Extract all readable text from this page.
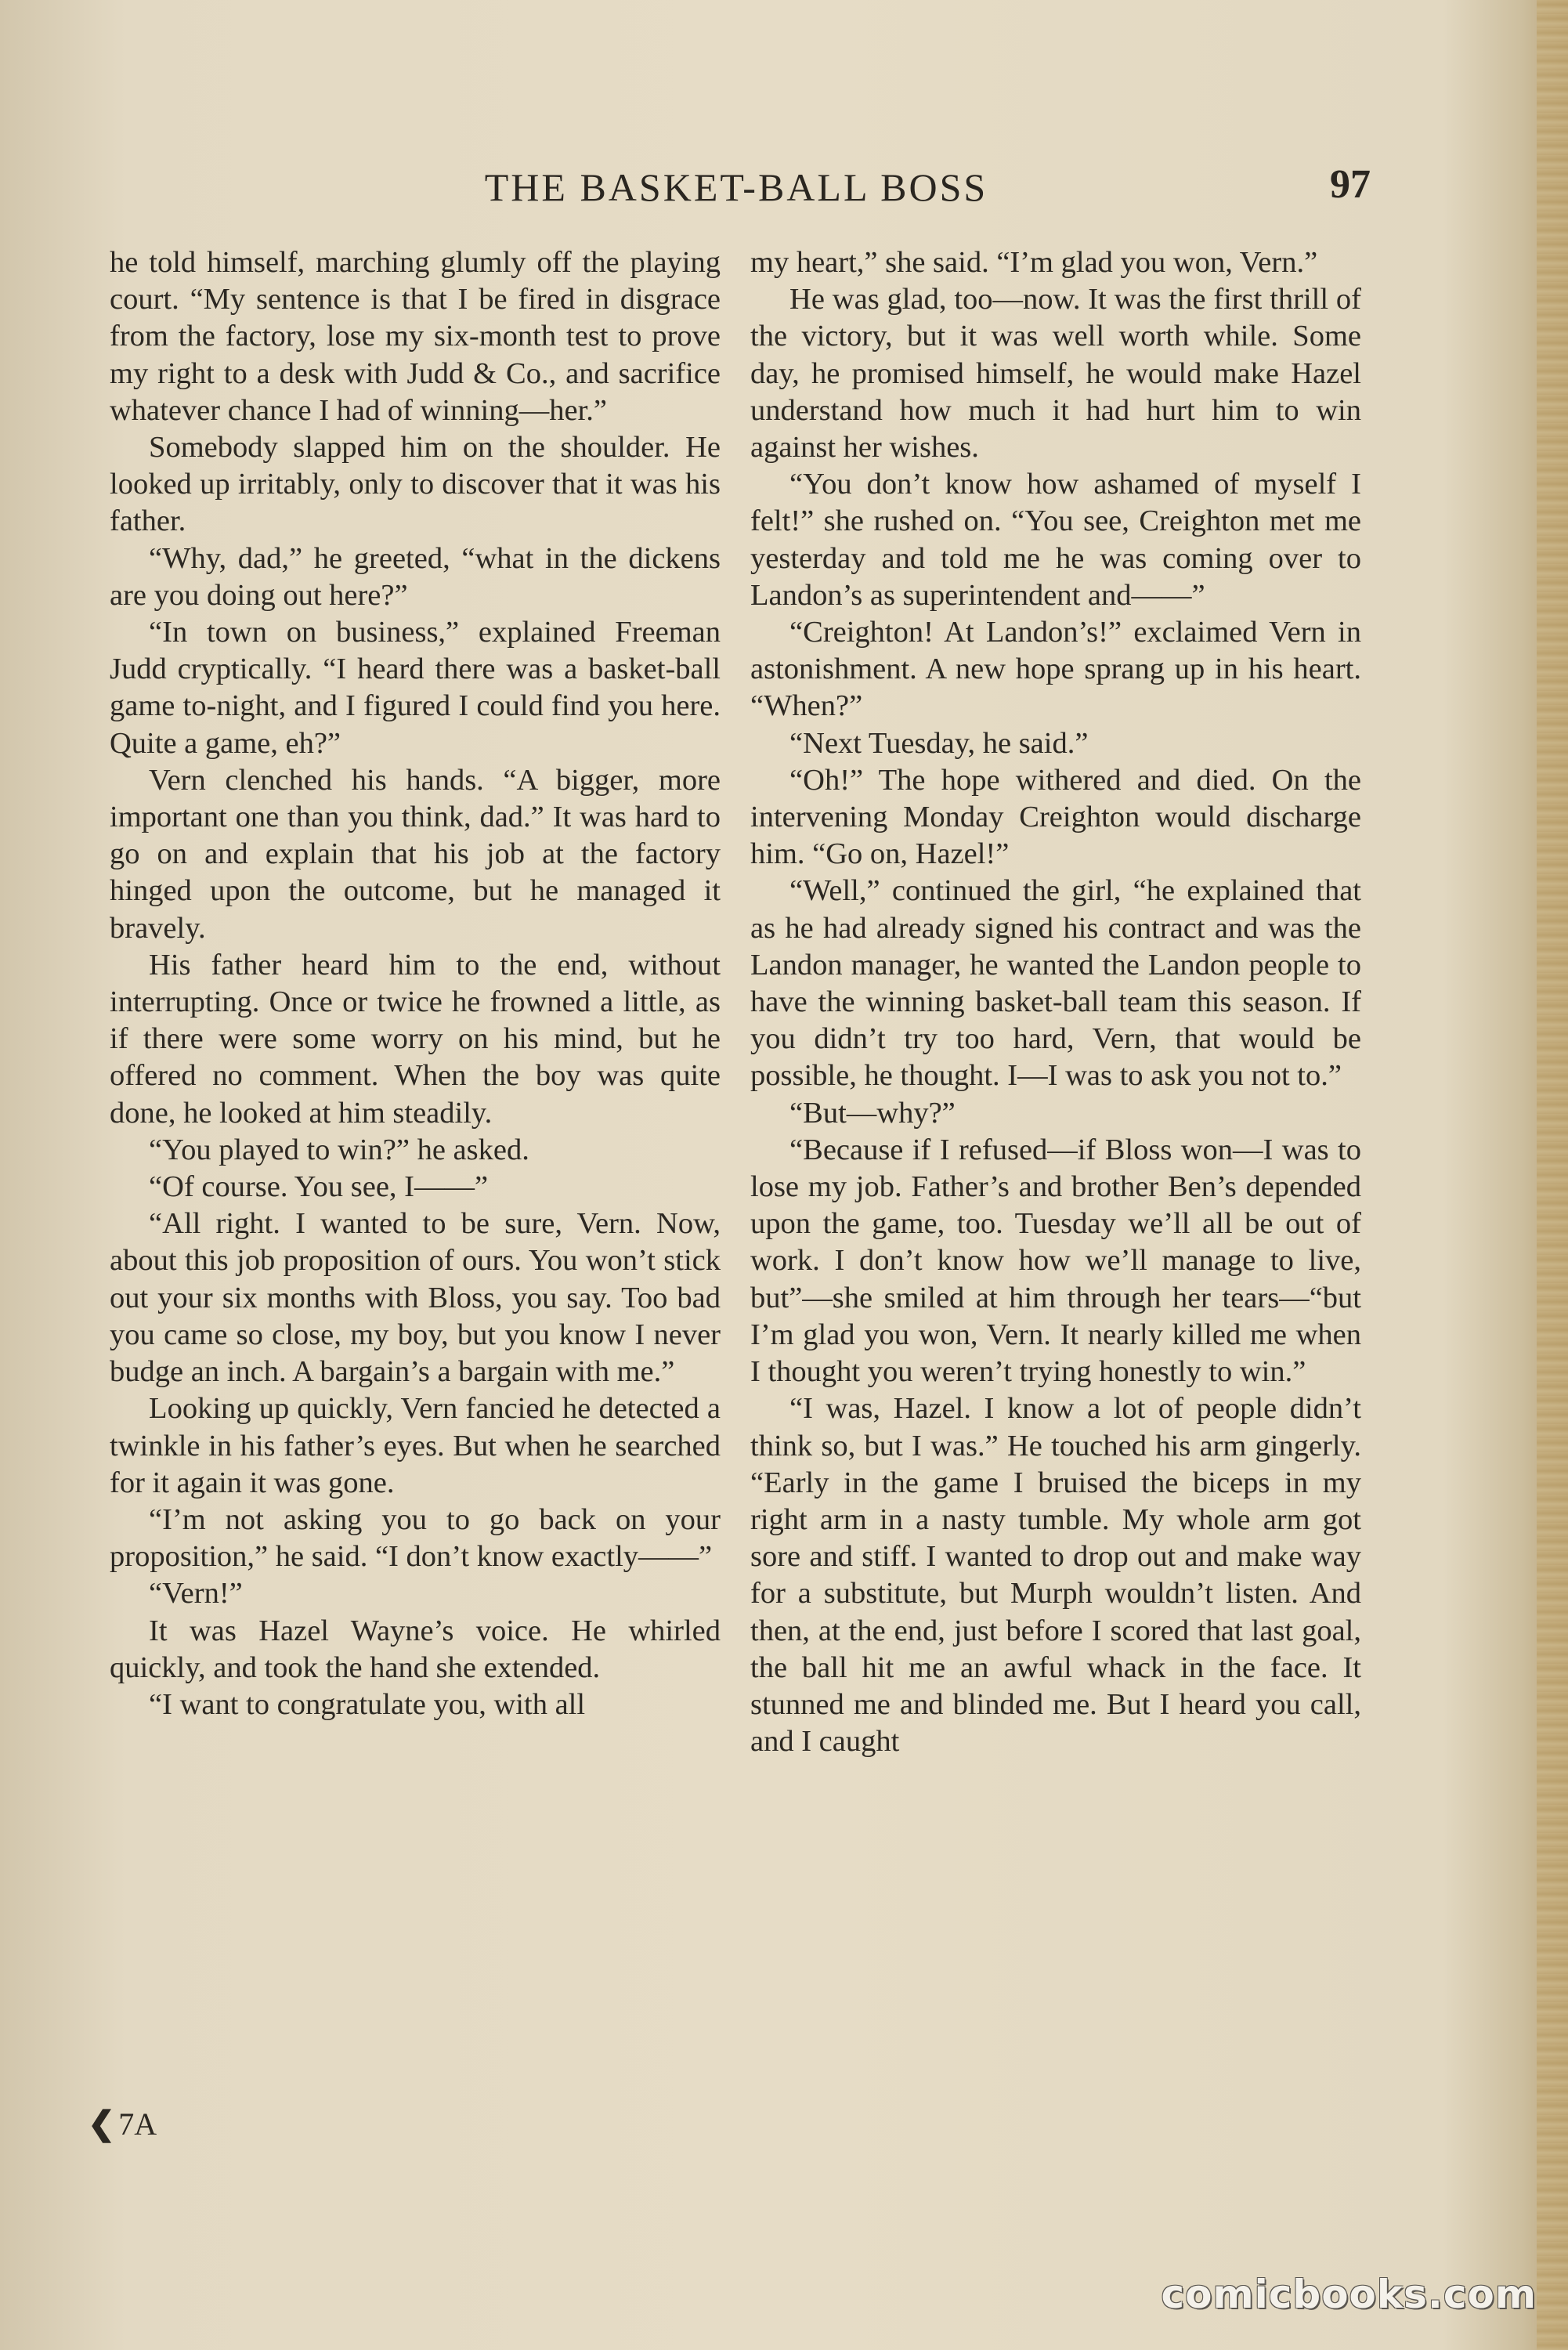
THE BASKET-BALL BOSS	97

he told himself, marching glumly off the playing court. “My sentence is that I be fired in disgrace from the factory, lose my six-month test to prove my right to a desk with Judd & Co., and sacrifice whatever chance I had of winning—her.”

Somebody slapped him on the shoulder. He looked up irritably, only to discover that it was his father.

“Why, dad,” he greeted, “what in the dickens are you doing out here?”

“In town on business,” explained Freeman Judd cryptically. “I heard there was a basket-ball game to-night, and I figured I could find you here. Quite a game, eh?”

Vern clenched his hands. “A bigger, more important one than you think, dad.” It was hard to go on and explain that his job at the factory hinged upon the outcome, but he managed it bravely.

His father heard him to the end, without interrupting. Once or twice he frowned a little, as if there were some worry on his mind, but he offered no comment. When the boy was quite done, he looked at him steadily.

“You played to win?” he asked.

“Of course. You see, I——”

“All right. I wanted to be sure, Vern. Now, about this job proposition of ours. You won’t stick out your six months with Bloss, you say. Too bad you came so close, my boy, but you know I never budge an inch. A bargain’s a bargain with me.”

Looking up quickly, Vern fancied he detected a twinkle in his father’s eyes. But when he searched for it again it was gone.

“I’m not asking you to go back on your proposition,” he said. “I don’t know exactly——”

“Vern!”

It was Hazel Wayne’s voice. He whirled quickly, and took the hand she extended.

“I want to congratulate you, with all

my heart,” she said. “I’m glad you won, Vern.”

He was glad, too—now. It was the first thrill of the victory, but it was well worth while. Some day, he promised himself, he would make Hazel understand how much it had hurt him to win against her wishes.

“You don’t know how ashamed of myself I felt!” she rushed on. “You see, Creighton met me yesterday and told me he was coming over to Landon’s as superintendent and——”

“Creighton! At Landon’s!” exclaimed Vern in astonishment. A new hope sprang up in his heart. “When?”

“Next Tuesday, he said.”

“Oh!” The hope withered and died. On the intervening Monday Creighton would discharge him. “Go on, Hazel!”

“Well,” continued the girl, “he explained that as he had already signed his contract and was the Landon manager, he wanted the Landon people to have the winning basket-ball team this season. If you didn’t try too hard, Vern, that would be possible, he thought. I—I was to ask you not to.”

“But—why?”

“Because if I refused—if Bloss won—I was to lose my job. Father’s and brother Ben’s depended upon the game, too. Tuesday we’ll all be out of work. I don’t know how we’ll manage to live, but”—she smiled at him through her tears—“but I’m glad you won, Vern. It nearly killed me when I thought you weren’t trying honestly to win.”

“I was, Hazel. I know a lot of people didn’t think so, but I was.” He touched his arm gingerly. “Early in the game I bruised the biceps in my right arm in a nasty tumble. My whole arm got sore and stiff. I wanted to drop out and make way for a substitute, but Murph wouldn’t listen. And then, at the end, just before I scored that last goal, the ball hit me an awful whack in the face. It stunned me and blinded me. But I heard you call, and I caught

❮ 7A
comicbooks.com
